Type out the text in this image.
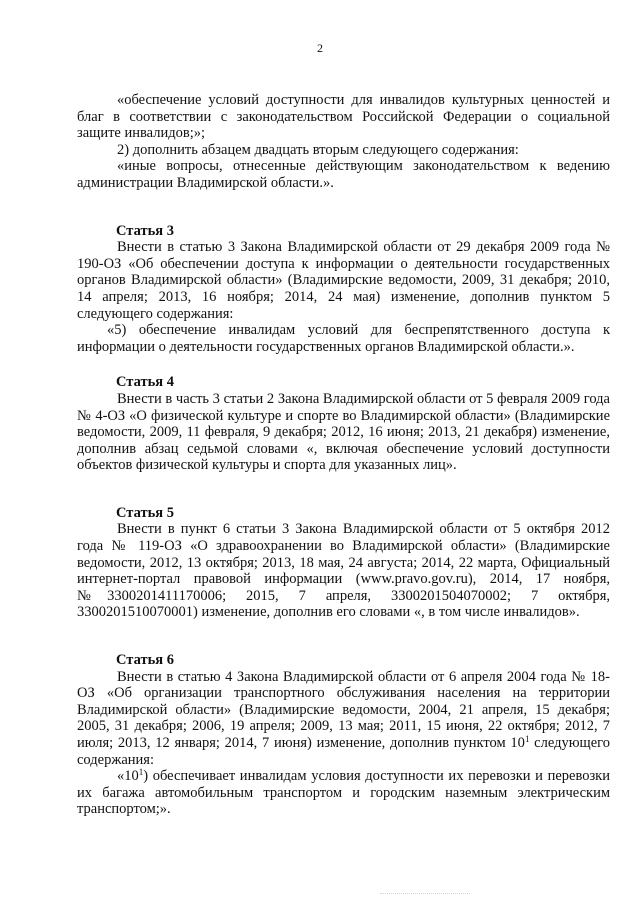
2

«обеспечение условий доступности для инвалидов культурных ценностей и благ в соответствии с законодательством Российской Федерации о социальной защите инвалидов;»;

2) дополнить абзацем двадцать вторым следующего содержания:

«иные вопросы, отнесенные действующим законодательством к ведению администрации Владимирской области.».

Статья 3

Внести в статью 3 Закона Владимирской области от 29 декабря 2009 года № 190-ОЗ «Об обеспечении доступа к информации о деятельности государственных органов Владимирской области» (Владимирские ведомости, 2009, 31 декабря; 2010, 14 апреля; 2013, 16 ноября; 2014, 24 мая) изменение, дополнив пунктом 5 следующего содержания:

«5) обеспечение инвалидам условий для беспрепятственного доступа к информации о деятельности государственных органов Владимирской области.».

Статья 4

Внести в часть 3 статьи 2 Закона Владимирской области от 5 февраля 2009 года № 4-ОЗ «О физической культуре и спорте во Владимирской области» (Владимирские ведомости, 2009, 11 февраля, 9 декабря; 2012, 16 июня; 2013, 21 декабря) изменение, дополнив абзац седьмой словами «, включая обеспечение условий доступности объектов физической культуры и спорта для указанных лиц».

Статья 5

Внести в пункт 6 статьи 3 Закона Владимирской области от 5 октября 2012 года № 119-ОЗ «О здравоохранении во Владимирской области» (Владимирские ведомости, 2012, 13 октября; 2013, 18 мая, 24 августа; 2014, 22 марта, Официальный интернет-портал правовой информации (www.pravo.gov.ru), 2014, 17 ноября, №3300201411170006; 2015, 7 апреля, 3300201504070002; 7 октября, 3300201510070001) изменение, дополнив его словами «, в том числе инвалидов».

Статья 6

Внести в статью 4 Закона Владимирской области от 6 апреля 2004 года № 18-ОЗ «Об организации транспортного обслуживания населения на территории Владимирской области» (Владимирские ведомости, 2004, 21 апреля, 15 декабря; 2005, 31 декабря; 2006, 19 апреля; 2009, 13 мая; 2011, 15 июня, 22 октября; 2012, 7 июля; 2013, 12 января; 2014, 7 июня) изменение, дополнив пунктом $10^1$ следующего содержания:

«$10^1$) обеспечивает инвалидам условия доступности их перевозки и перевозки их багажа автомобильным транспортом и городским наземным электрическим транспортом;».
